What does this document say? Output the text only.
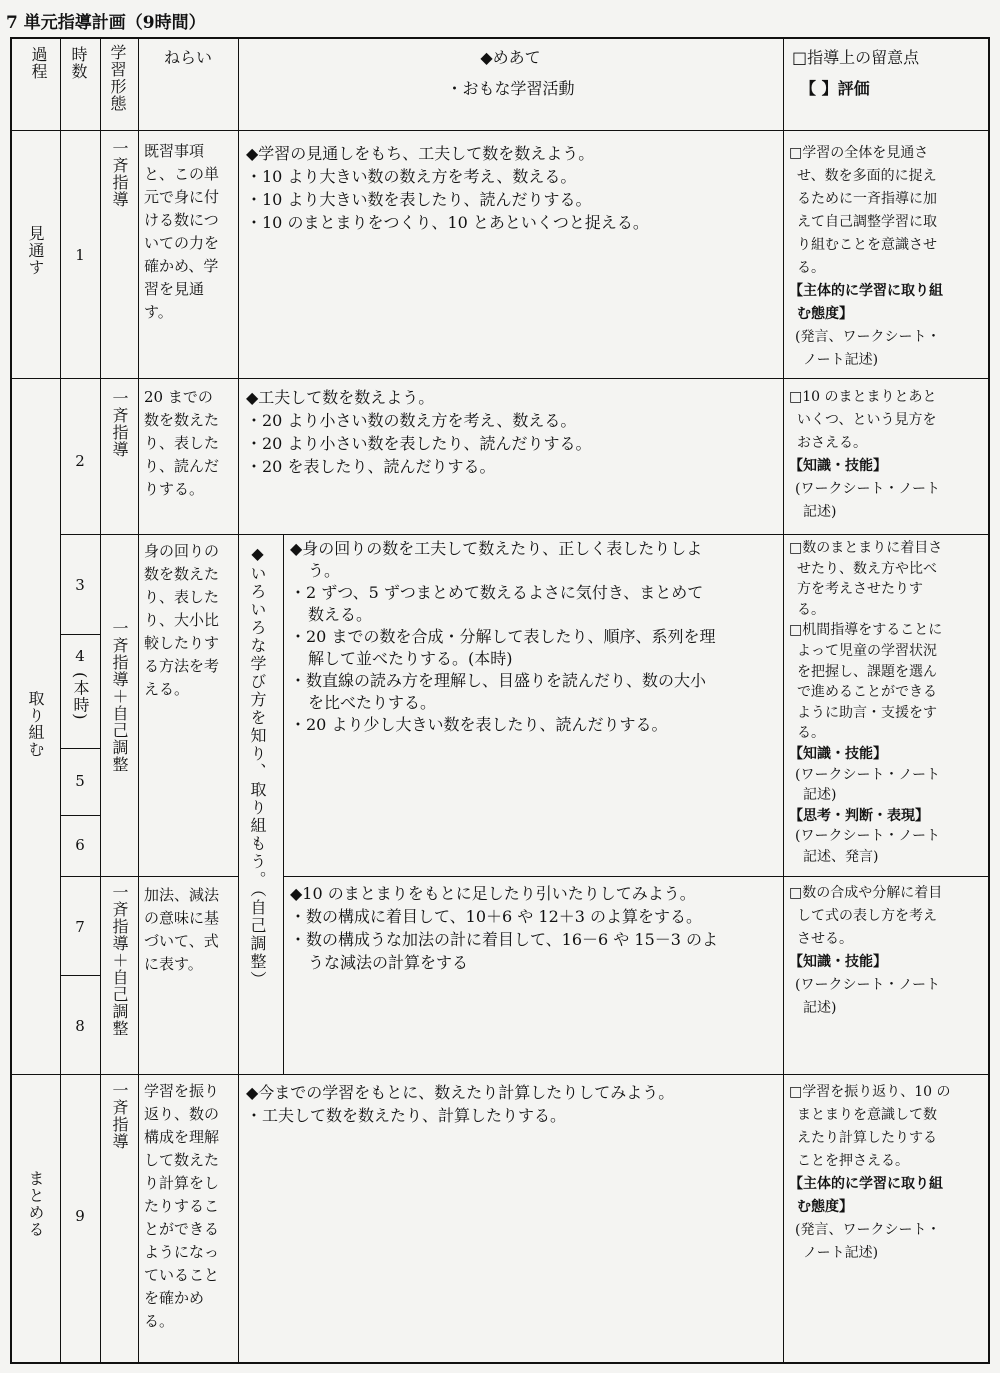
7 単元指導計画（9時間）
過程 時数 学習形態	ねらい	◆めあて
・おもな学習活動
□指導上の留意点
【 】評価
見通す
取り組む
まとめる
1
2
3
4
(本時)
5
6
7
8
9
一斉指導
一斉指導
一斉指導＋自己調整
一斉指導＋自己調整
一斉指導
既習事項
と、この単
元で身に付
ける数につ
いての力を
確かめ、学
習を見通
す。
20 までの
数を数えた
り、表した
り、読んだ
りする。
身の回りの
数を数えた
り、表した
り、大小比
較したりす
る方法を考
える。
加法、減法
の意味に基
づいて、式
に表す。
学習を振り
返り、数の
構成を理解
して数えた
り計算をし
たりするこ
とができる
ようになっ
ていること
を確かめ
る。
◆いろいろな学び方を知り、取り組もう。（自己調整）
◆学習の見通しをもち、工夫して数を数えよう。
・10 より大きい数の数え方を考え、数える。
・10 より大きい数を表したり、読んだりする。
・10 のまとまりをつくり、10 とあといくつと捉える。
◆工夫して数を数えよう。
・20 より小さい数の数え方を考え、数える。
・20 より小さい数を表したり、読んだりする。
・20 を表したり、読んだりする。
◆身の回りの数を工夫して数えたり、正しく表したりしよ
う。
・2 ずつ、5 ずつまとめて数えるよさに気付き、まとめて
数える。
・20 までの数を合成・分解して表したり、順序、系列を理
解して並べたりする。(本時)
・数直線の読み方を理解し、目盛りを読んだり、数の大小
を比べたりする。
・20 より少し大きい数を表したり、読んだりする。
◆10 のまとまりをもとに足したり引いたりしてみよう。
・数の構成に着目して、10＋6 や 12＋3 のよ算をする。
・数の構成うな加法の計に着目して、16－6 や 15－3 のよ
うな減法の計算をする
◆今までの学習をもとに、数えたり計算したりしてみよう。
・工夫して数を数えたり、計算したりする。
□学習の全体を見通さ
せ、数を多面的に捉え
るために一斉指導に加
えて自己調整学習に取
り組むことを意識させ
る。
【主体的に学習に取り組
む態度】
(発言、ワークシート・
ノート記述)
□10 のまとまりとあと
いくつ、という見方を
おさえる。
【知識・技能】
(ワークシート・ノート
記述)
□数のまとまりに着目さ
せたり、数え方や比べ
方を考えさせたりす
る。
□机間指導をすることに
よって児童の学習状況
を把握し、課題を選ん
で進めることができる
ように助言・支援をす
る。
【知識・技能】
(ワークシート・ノート
記述)
【思考・判断・表現】
(ワークシート・ノート
記述、発言)
□数の合成や分解に着目
して式の表し方を考え
させる。
【知識・技能】
(ワークシート・ノート
記述)
□学習を振り返り、10 の
まとまりを意識して数
えたり計算したりする
ことを押さえる。
【主体的に学習に取り組
む態度】
(発言、ワークシート・
ノート記述)
